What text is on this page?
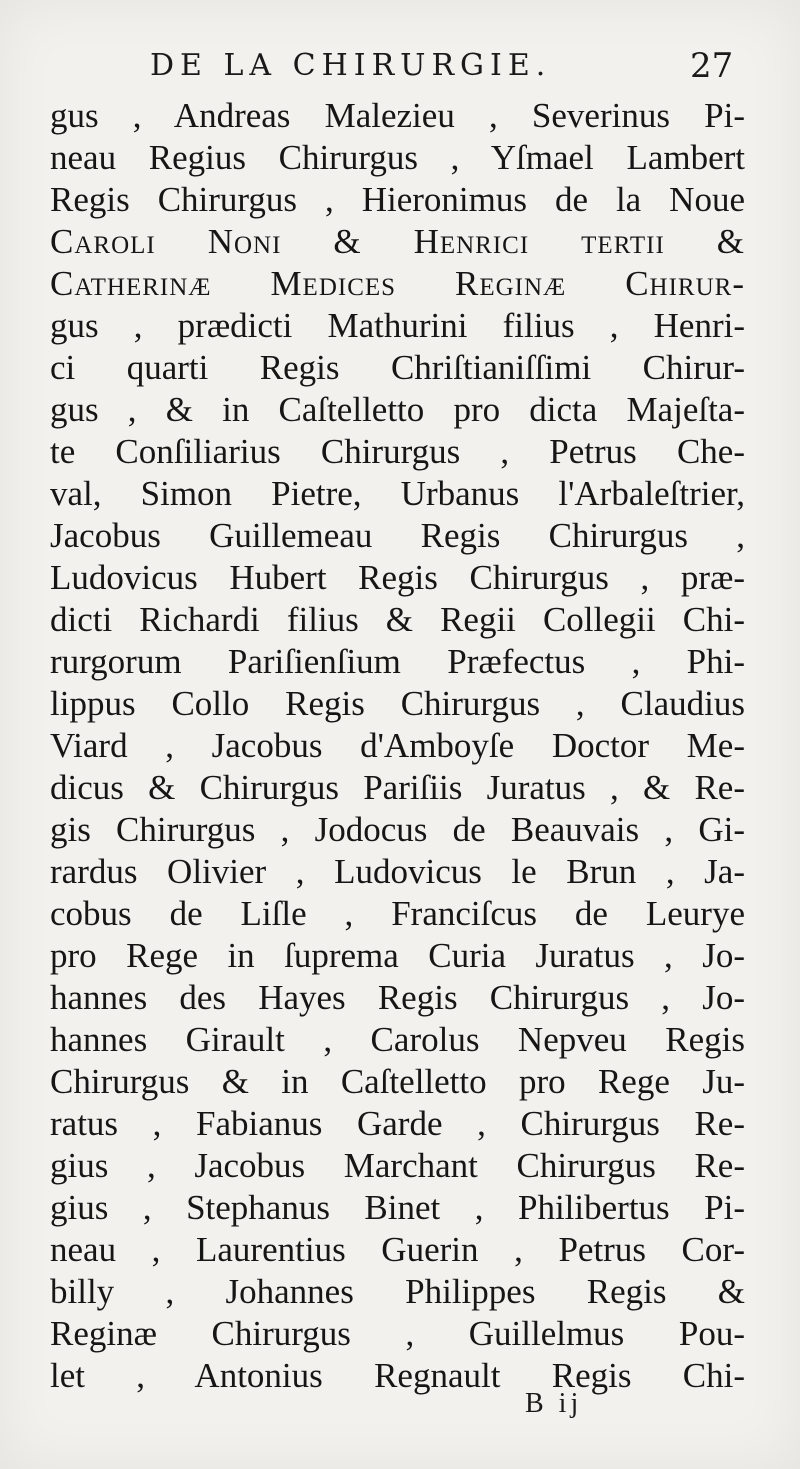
DE LA CHIRURGIE.	27
gus , Andreas Malezieu , Severinus Pi-
neau Regius Chirurgus , Yſmael Lambert
Regis Chirurgus , Hieronimus de la Noue
Caroli Noni & Henrici tertii &
Catherinæ Medices Reginæ Chirur-
gus , prædicti Mathurini filius , Henri-
ci quarti Regis Chriſtianiſſimi Chirur-
gus , & in Caſtelletto pro dicta Majeſta-
te Conſiliarius Chirurgus , Petrus Che-
val, Simon Pietre, Urbanus l'Arbaleſtrier,
Jacobus Guillemeau Regis Chirurgus ,
Ludovicus Hubert Regis Chirurgus , præ-
dicti Richardi filius & Regii Collegii Chi-
rurgorum Pariſienſium Præfectus , Phi-
lippus Collo Regis Chirurgus , Claudius
Viard , Jacobus d'Amboyſe Doctor Me-
dicus & Chirurgus Pariſiis Juratus , & Re-
gis Chirurgus , Jodocus de Beauvais , Gi-
rardus Olivier , Ludovicus le Brun , Ja-
cobus de Liſle , Franciſcus de Leurye
pro Rege in ſuprema Curia Juratus , Jo-
hannes des Hayes Regis Chirurgus , Jo-
hannes Girault , Carolus Nepveu Regis
Chirurgus & in Caſtelletto pro Rege Ju-
ratus , Fabianus Garde , Chirurgus Re-
gius , Jacobus Marchant Chirurgus Re-
gius , Stephanus Binet , Philibertus Pi-
neau , Laurentius Guerin , Petrus Cor-
billy , Johannes Philippes Regis &
Reginæ Chirurgus , Guillelmus Pou-
let , Antonius Regnault Regis Chi-
B ij
